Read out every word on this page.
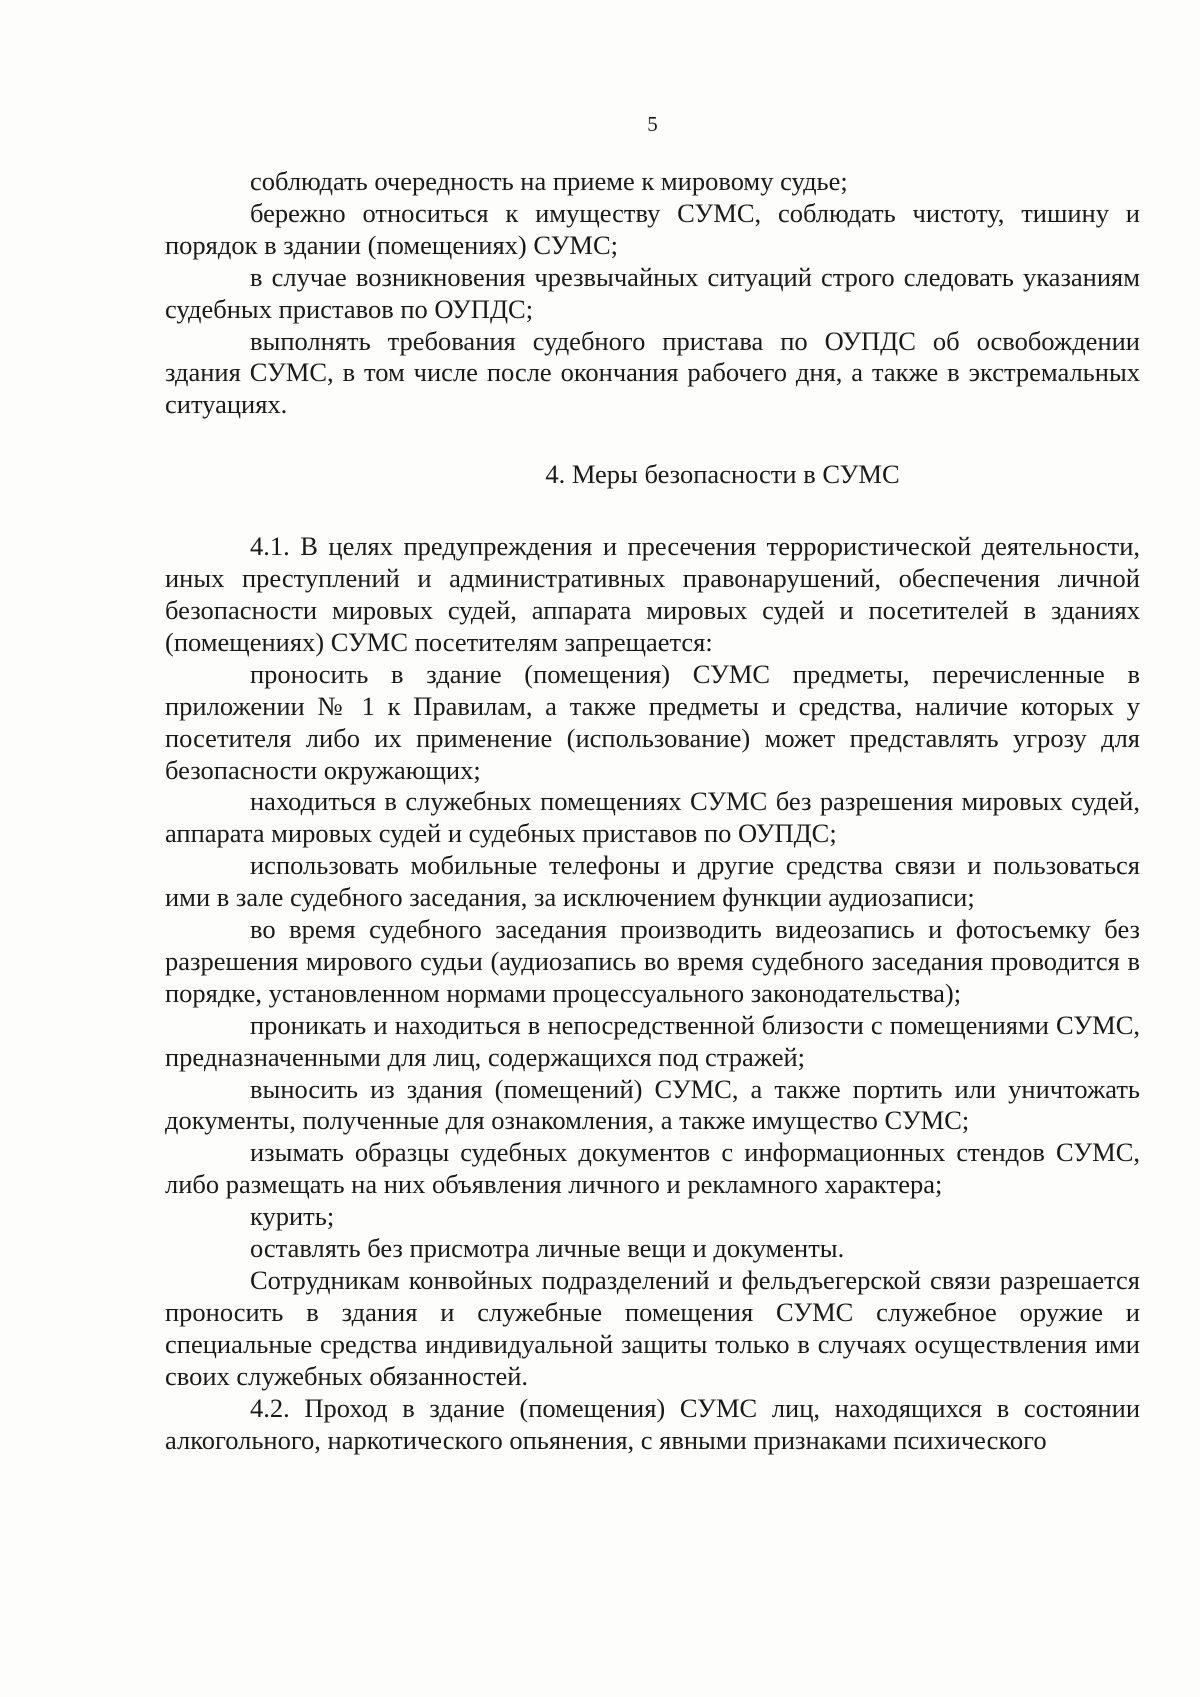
5

соблюдать очередность на приеме к мировому судье;

бережно относиться к имуществу СУМС, соблюдать чистоту, тишину и порядок в здании (помещениях) СУМС;

в случае возникновения чрезвычайных ситуаций строго следовать указаниям судебных приставов по ОУПДС;

выполнять требования судебного пристава по ОУПДС об освобождении здания СУМС, в том числе после окончания рабочего дня, а также в экстремальных ситуациях.

4. Меры безопасности в СУМС

4.1. В целях предупреждения и пресечения террористической деятельности, иных преступлений и административных правонарушений, обеспечения личной безопасности мировых судей, аппарата мировых судей и посетителей в зданиях (помещениях) СУМС посетителям запрещается:

проносить в здание (помещения) СУМС предметы, перечисленные в приложении № 1 к Правилам, а также предметы и средства, наличие которых у посетителя либо их применение (использование) может представлять угрозу для безопасности окружающих;

находиться в служебных помещениях СУМС без разрешения мировых судей, аппарата мировых судей и судебных приставов по ОУПДС;

использовать мобильные телефоны и другие средства связи и пользоваться ими в зале судебного заседания, за исключением функции аудиозаписи;

во время судебного заседания производить видеозапись и фотосъемку без разрешения мирового судьи (аудиозапись во время судебного заседания проводится в порядке, установленном нормами процессуального законодательства);

проникать и находиться в непосредственной близости с помещениями СУМС, предназначенными для лиц, содержащихся под стражей;

выносить из здания (помещений) СУМС, а также портить или уничтожать документы, полученные для ознакомления, а также имущество СУМС;

изымать образцы судебных документов с информационных стендов СУМС, либо размещать на них объявления личного и рекламного характера;

курить;

оставлять без присмотра личные вещи и документы.

Сотрудникам конвойных подразделений и фельдъегерской связи разрешается проносить в здания и служебные помещения СУМС служебное оружие и специальные средства индивидуальной защиты только в случаях осуществления ими своих служебных обязанностей.

4.2. Проход в здание (помещения) СУМС лиц, находящихся в состоянии алкогольного, наркотического опьянения, с явными признаками психического
